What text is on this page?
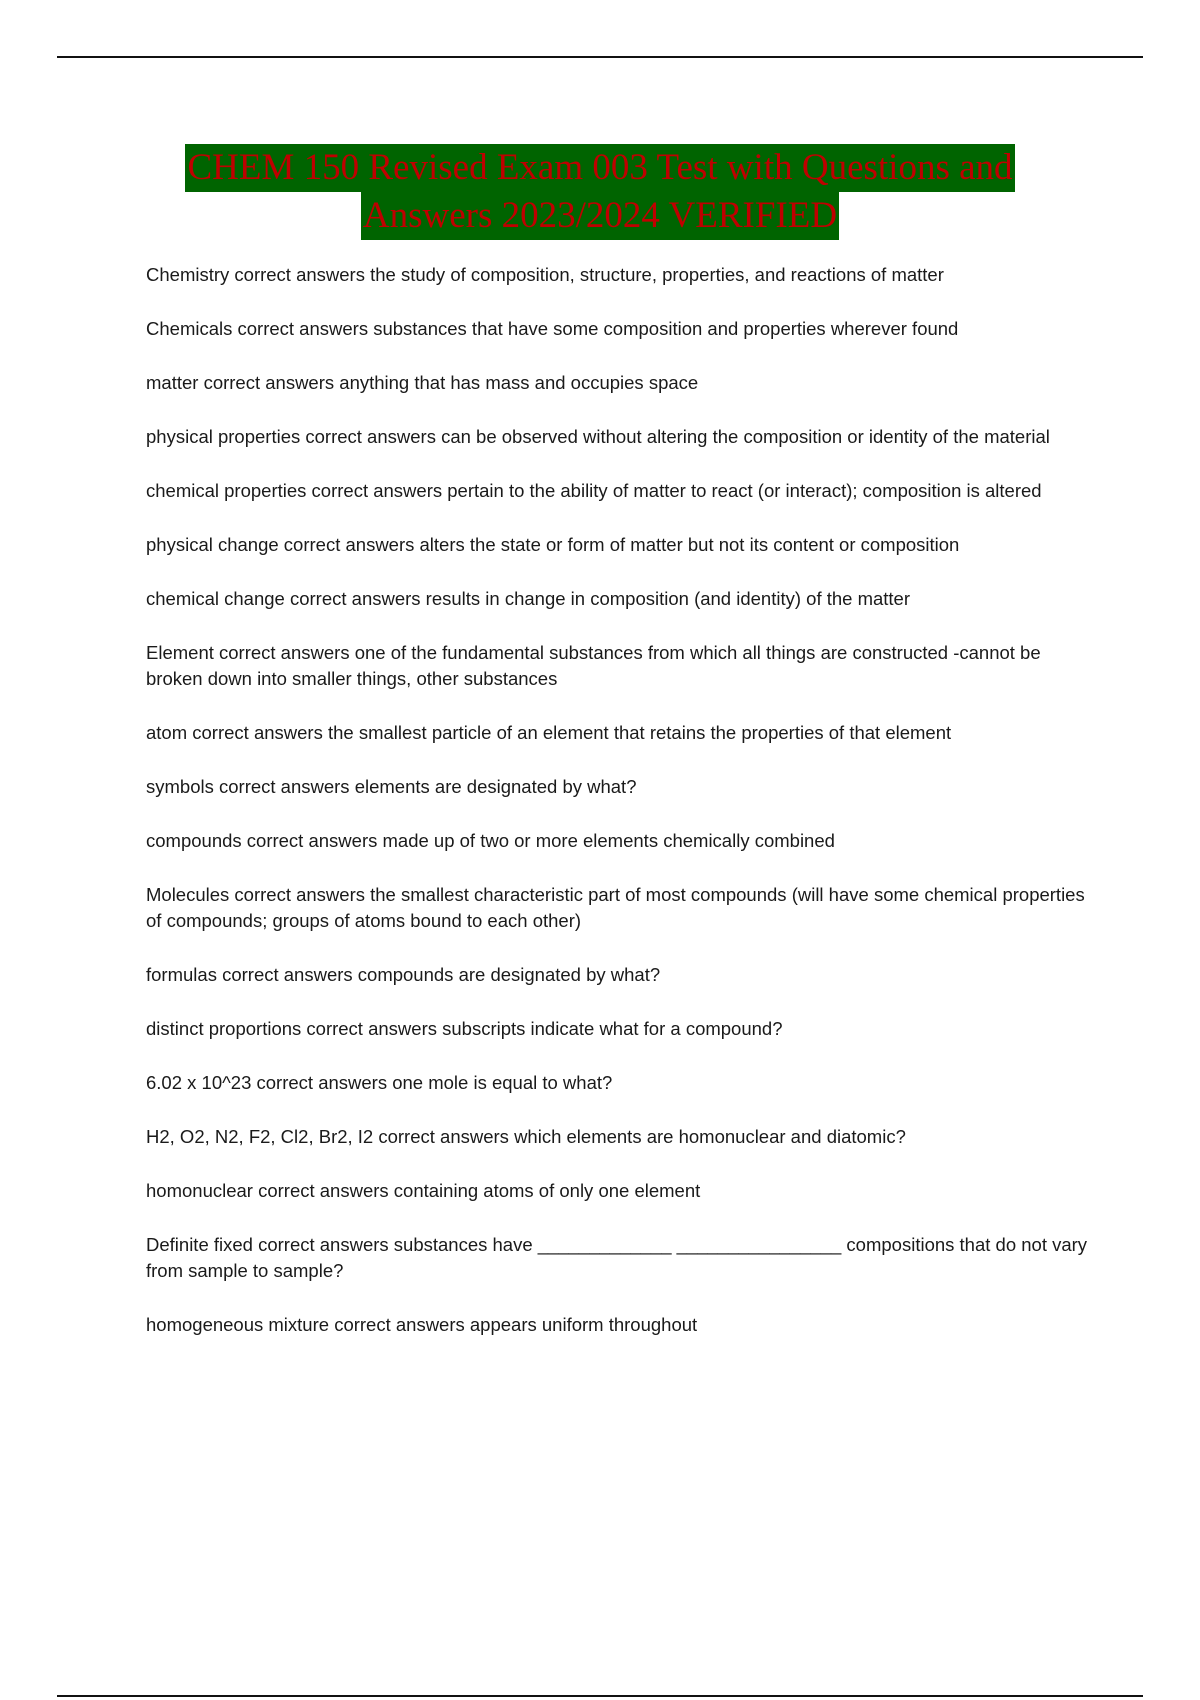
CHEM 150 Revised Exam 003 Test with Questions and
Answers 2023/2024 VERIFIED

Chemistry correct answers the study of composition, structure, properties, and reactions of matter

Chemicals correct answers substances that have some composition and properties wherever found

matter correct answers anything that has mass and occupies space

physical properties correct answers can be observed without altering the composition or identity of the material

chemical properties correct answers pertain to the ability of matter to react (or interact); composition is altered

physical change correct answers alters the state or form of matter but not its content or composition

chemical change correct answers results in change in composition (and identity) of the matter

Element correct answers one of the fundamental substances from which all things are constructed -cannot be broken down into smaller things, other substances

atom correct answers the smallest particle of an element that retains the properties of that element

symbols correct answers elements are designated by what?

compounds correct answers made up of two or more elements chemically combined

Molecules correct answers the smallest characteristic part of most compounds (will have some chemical properties of compounds; groups of atoms bound to each other)

formulas correct answers compounds are designated by what?

distinct proportions correct answers subscripts indicate what for a compound?

6.02 x 10^23 correct answers one mole is equal to what?

H2, O2, N2, F2, Cl2, Br2, I2 correct answers which elements are homonuclear and diatomic?

homonuclear correct answers containing atoms of only one element

Definite fixed correct answers substances have _____________ ________________ compositions that do not vary from sample to sample?

homogeneous mixture correct answers appears uniform throughout
